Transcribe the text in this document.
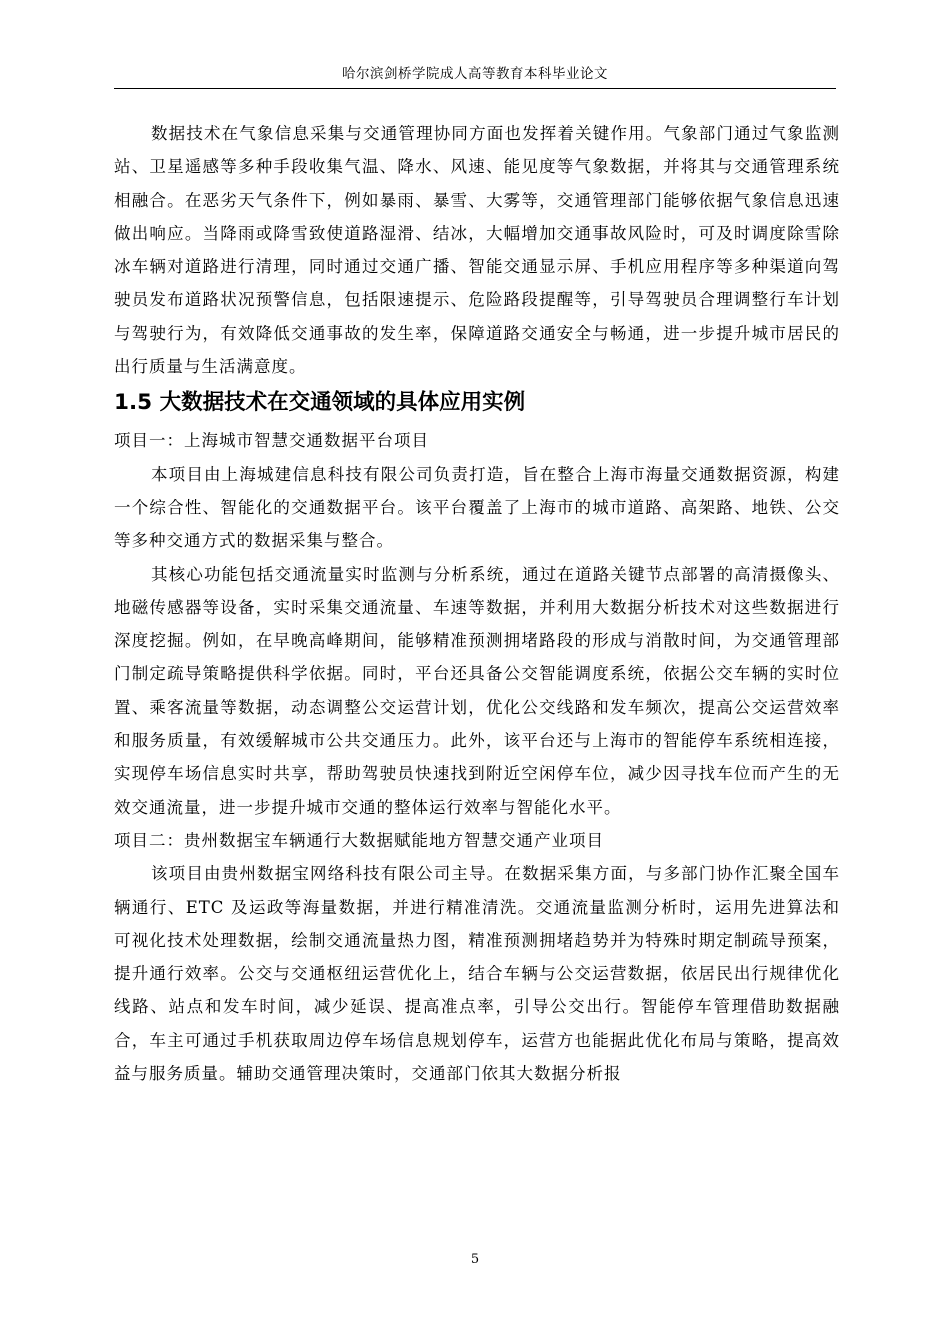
哈尔滨剑桥学院成人高等教育本科毕业论文

数据技术在气象信息采集与交通管理协同方面也发挥着关键作用。气象部门通过气象监测站、卫星遥感等多种手段收集气温、降水、风速、能见度等气象数据，并将其与交通管理系统相融合。在恶劣天气条件下，例如暴雨、暴雪、大雾等，交通管理部门能够依据气象信息迅速做出响应。当降雨或降雪致使道路湿滑、结冰，大幅增加交通事故风险时，可及时调度除雪除冰车辆对道路进行清理，同时通过交通广播、智能交通显示屏、手机应用程序等多种渠道向驾驶员发布道路状况预警信息，包括限速提示、危险路段提醒等，引导驾驶员合理调整行车计划与驾驶行为，有效降低交通事故的发生率，保障道路交通安全与畅通，进一步提升城市居民的出行质量与生活满意度。

1.5 大数据技术在交通领域的具体应用实例

项目一：上海城市智慧交通数据平台项目

本项目由上海城建信息科技有限公司负责打造，旨在整合上海市海量交通数据资源，构建一个综合性、智能化的交通数据平台。该平台覆盖了上海市的城市道路、高架路、地铁、公交等多种交通方式的数据采集与整合。

其核心功能包括交通流量实时监测与分析系统，通过在道路关键节点部署的高清摄像头、地磁传感器等设备，实时采集交通流量、车速等数据，并利用大数据分析技术对这些数据进行深度挖掘。例如，在早晚高峰期间，能够精准预测拥堵路段的形成与消散时间，为交通管理部门制定疏导策略提供科学依据。同时，平台还具备公交智能调度系统，依据公交车辆的实时位置、乘客流量等数据，动态调整公交运营计划，优化公交线路和发车频次，提高公交运营效率和服务质量，有效缓解城市公共交通压力。此外，该平台还与上海市的智能停车系统相连接，实现停车场信息实时共享，帮助驾驶员快速找到附近空闲停车位，减少因寻找车位而产生的无效交通流量，进一步提升城市交通的整体运行效率与智能化水平。

项目二：贵州数据宝车辆通行大数据赋能地方智慧交通产业项目

该项目由贵州数据宝网络科技有限公司主导。在数据采集方面，与多部门协作汇聚全国车辆通行、ETC 及运政等海量数据，并进行精准清洗。交通流量监测分析时，运用先进算法和可视化技术处理数据，绘制交通流量热力图，精准预测拥堵趋势并为特殊时期定制疏导预案，提升通行效率。公交与交通枢纽运营优化上，结合车辆与公交运营数据，依居民出行规律优化线路、站点和发车时间，减少延误、提高准点率，引导公交出行。智能停车管理借助数据融合，车主可通过手机获取周边停车场信息规划停车，运营方也能据此优化布局与策略，提高效益与服务质量。辅助交通管理决策时，交通部门依其大数据分析报

5
